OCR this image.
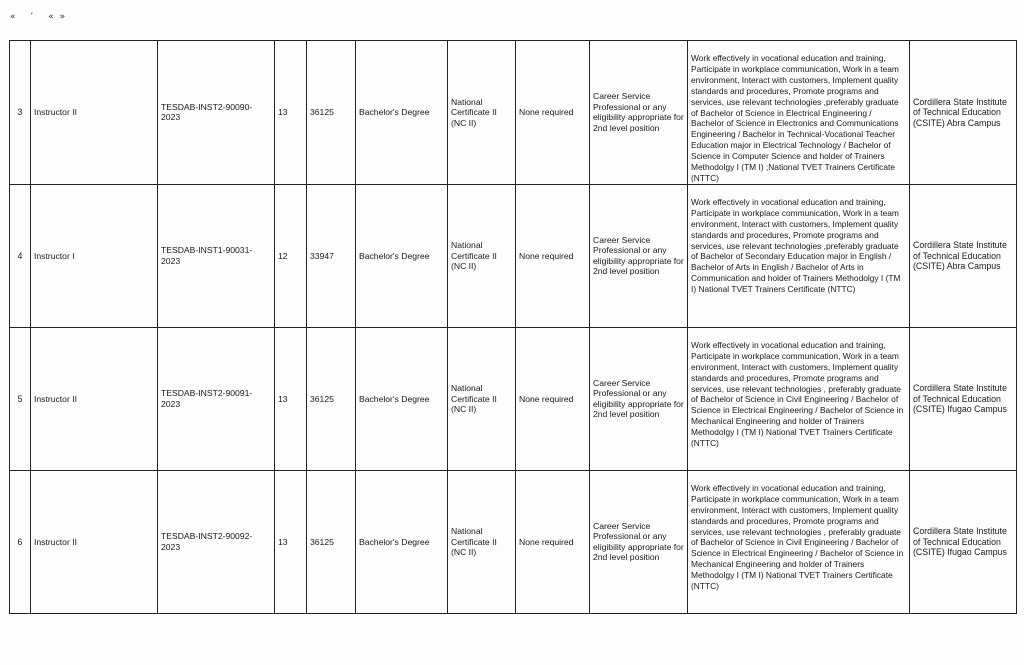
« ’ «»
3	Instructor II	TESDAB-INST2-90090-2023	13	36125	Bachelor's Degree	National Certificate II (NC II)	None required	Career Service Professional or any eligibility appropriate for 2nd level position	Work effectively in vocational education and training, Participate in workplace communication, Work in a team environment, Interact with customers, Implement quality standards and procedures, Promote programs and services, use relevant technologies ,preferably graduate of Bachelor of Science in Electrical Engineering / Bachelor of Science in Electronics and Communications Engineering / Bachelor in Technical-Vocational Teacher Education major in Electrical Technology / Bachelor of Science in Computer Science and holder of Trainers Methodolgy I (TM I) ;National TVET Trainers Certificate (NTTC)	Cordillera State Institute of Technical Education (CSITE) Abra Campus
4	Instructor I	TESDAB-INST1-90031-2023	12	33947	Bachelor's Degree	National Certificate II (NC II)	None required	Career Service Professional or any eligibility appropriate for 2nd level position	Work effectively in vocational education and training, Participate in workplace communication, Work in a team environment, Interact with customers, Implement quality standards and procedures, Promote programs and services, use relevant technologies ,preferably graduate of Bachelor of Secondary Education major in English / Bachelor of Arts in English / Bachelor of Arts in Communication and holder of Trainers Methodolgy I (TM I) National TVET Trainers Certificate (NTTC)	Cordillera State Institute of Technical Education (CSITE) Abra Campus
5	Instructor II	TESDAB-INST2-90091-2023	13	36125	Bachelor's Degree	National Certificate II (NC II)	None required	Career Service Professional or any eligibility appropriate for 2nd level position	Work effectively in vocational education and training, Participate in workplace communication, Work in a team environment, Interact with customers, Implement quality standards and procedures, Promote programs and services, use relevant technologies , preferably graduate of Bachelor of Science in Civil Engineering / Bachelor of Science in Electrical Engineering / Bachelor of Science in Mechanical Engineering and holder of Trainers Methodolgy I (TM I) National TVET Trainers Certificate (NTTC)	Cordillera State Institute of Technical Education (CSITE) Ifugao Campus
6	Instructor II	TESDAB-INST2-90092-2023	13	36125	Bachelor's Degree	National Certificate II (NC II)	None required	Career Service Professional or any eligibility appropriate for 2nd level position	Work effectively in vocational education and training, Participate in workplace communication, Work in a team environment, Interact with customers, Implement quality standards and procedures, Promote programs and services, use relevant technologies , preferably graduate of Bachelor of Science in Civil Engineering / Bachelor of Science in Electrical Engineering / Bachelor of Science in Mechanical Engineering and holder of Trainers Methodolgy I (TM I) National TVET Trainers Certificate (NTTC)	Cordillera State Institute of Technical Education (CSITE) Ifugao Campus
